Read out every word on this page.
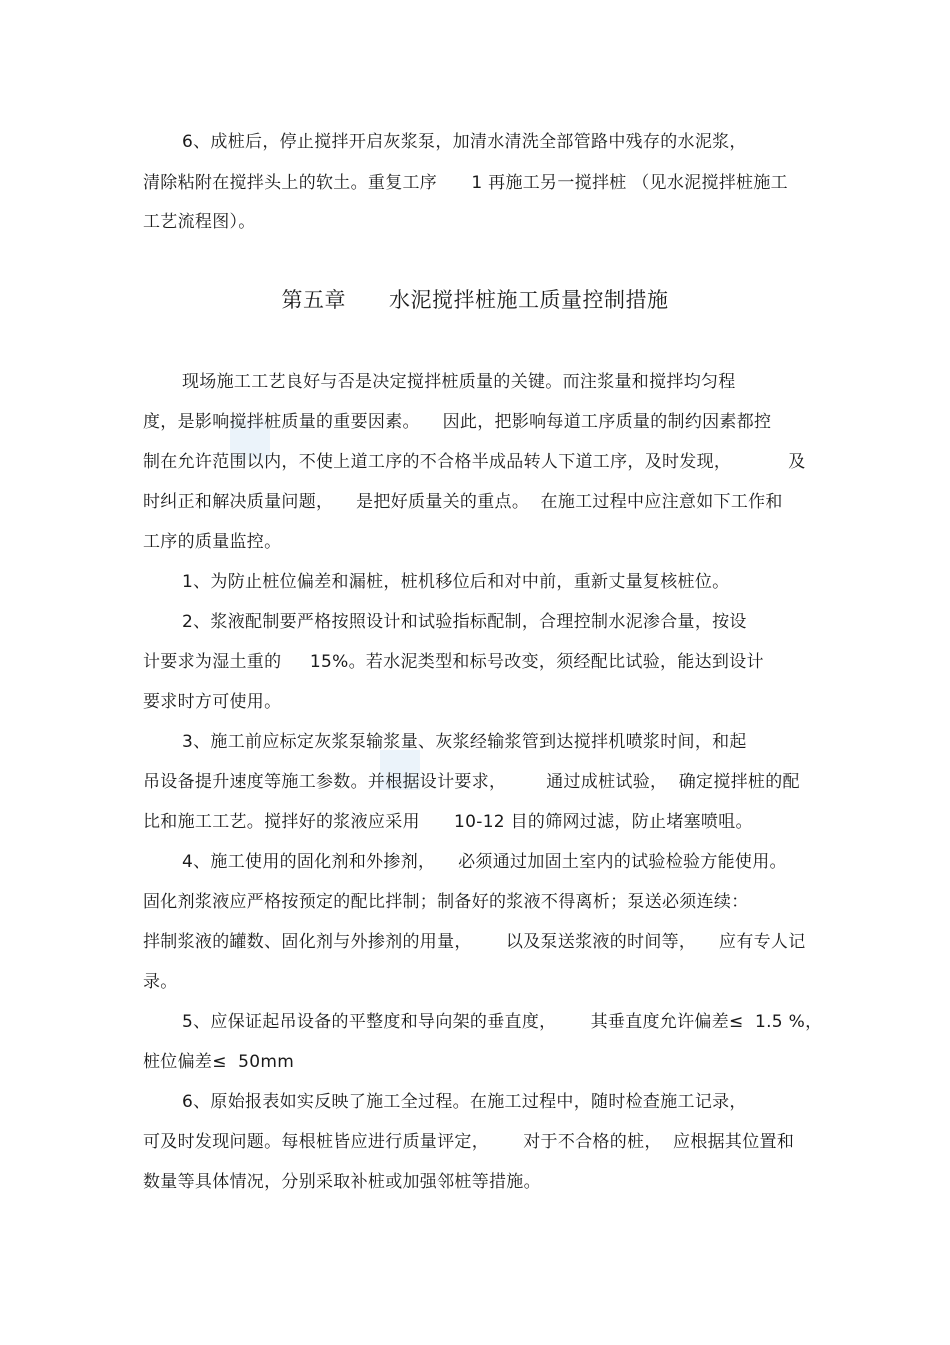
6、成桩后，停止搅拌开启灰浆泵，加清水清洗全部管路中残存的水泥浆，
清除粘附在搅拌头上的软土。重复工序      1 再施工另一搅拌桩 （见水泥搅拌桩施工
工艺流程图）。
第五章      水泥搅拌桩施工质量控制措施
现场施工工艺良好与否是决定搅拌桩质量的关键。而注浆量和搅拌均匀程
度，是影响搅拌桩质量的重要因素。    因此，把影响每道工序质量的制约因素都控
制在允许范围以内，不使上道工序的不合格半成品转人下道工序，及时发现，          及
时纠正和解决质量问题，    是把好质量关的重点。  在施工过程中应注意如下工作和
工序的质量监控。
1、为防止桩位偏差和漏桩，桩机移位后和对中前，重新丈量复核桩位。
2、浆液配制要严格按照设计和试验指标配制，合理控制水泥渗合量，按设
计要求为湿土重的     15%。若水泥类型和标号改变，须经配比试验，能达到设计
要求时方可使用。
3、施工前应标定灰浆泵输浆量、灰浆经输浆管到达搅拌机喷浆时间，和起
吊设备提升速度等施工参数。并根据设计要求，       通过成桩试验，  确定搅拌桩的配
比和施工工艺。搅拌好的浆液应采用      10-12 目的筛网过滤，防止堵塞喷咀。
4、施工使用的固化剂和外掺剂，    必须通过加固土室内的试验检验方能使用。
固化剂浆液应严格按预定的配比拌制；制备好的浆液不得离析；泵送必须连续：
拌制浆液的罐数、固化剂与外掺剂的用量，      以及泵送浆液的时间等，    应有专人记
录。
5、应保证起吊设备的平整度和导向架的垂直度，      其垂直度允许偏差≤  1.5 %，
桩位偏差≤  50mm
6、原始报表如实反映了施工全过程。在施工过程中，随时检查施工记录，
可及时发现问题。每根桩皆应进行质量评定，      对于不合格的桩，  应根据其位置和
数量等具体情况，分别采取补桩或加强邻桩等措施。
